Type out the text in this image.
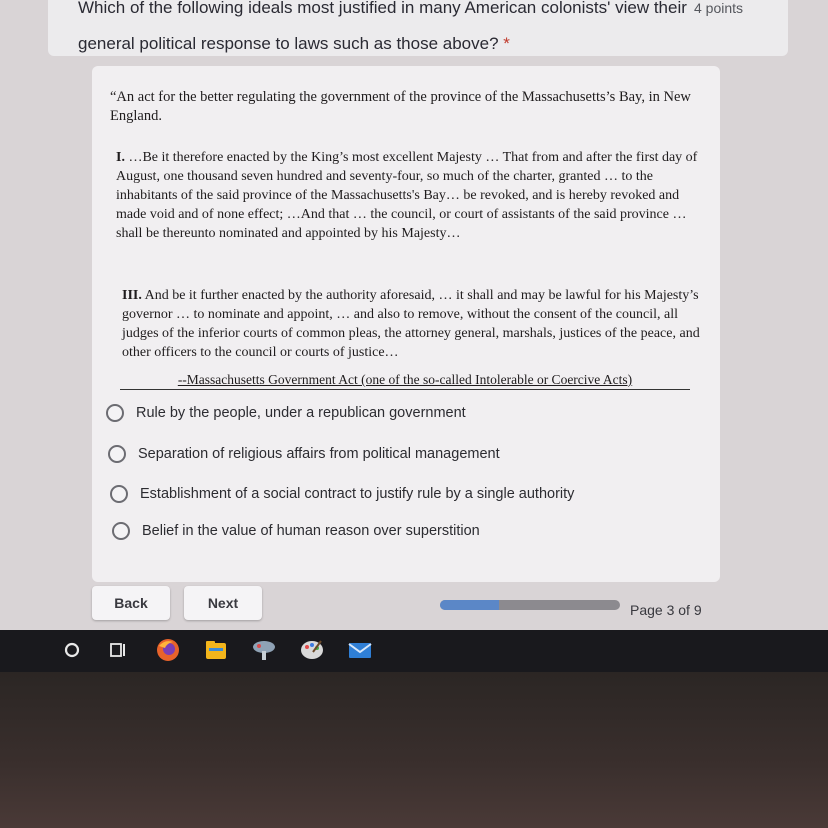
Which of the following ideals most justified in many American colonists' view their general political response to laws such as those above? *
4 points
“An act for the better regulating the government of the province of the Massachusetts’s Bay, in New England.
I. …Be it therefore enacted by the King’s most excellent Majesty … That from and after the first day of August, one thousand seven hundred and seventy-four, so much of the charter, granted … to the inhabitants of the said province of the Massachusetts's Bay… be revoked, and is hereby revoked and made void and of none effect; …And that … the council, or court of assistants of the said province … shall be thereunto nominated and appointed by his Majesty…
III. And be it further enacted by the authority aforesaid, … it shall and may be lawful for his Majesty’s governor … to nominate and appoint, … and also to remove, without the consent of the council, all judges of the inferior courts of common pleas, the attorney general, marshals, justices of the peace, and other officers to the council or courts of justice…
--Massachusetts Government Act (one of the so-called Intolerable or Coercive Acts)
Rule by the people, under a republican government
Separation of religious affairs from political management
Establishment of a social contract to justify rule by a single authority
Belief in the value of human reason over superstition
Back	Next	Page 3 of 9
